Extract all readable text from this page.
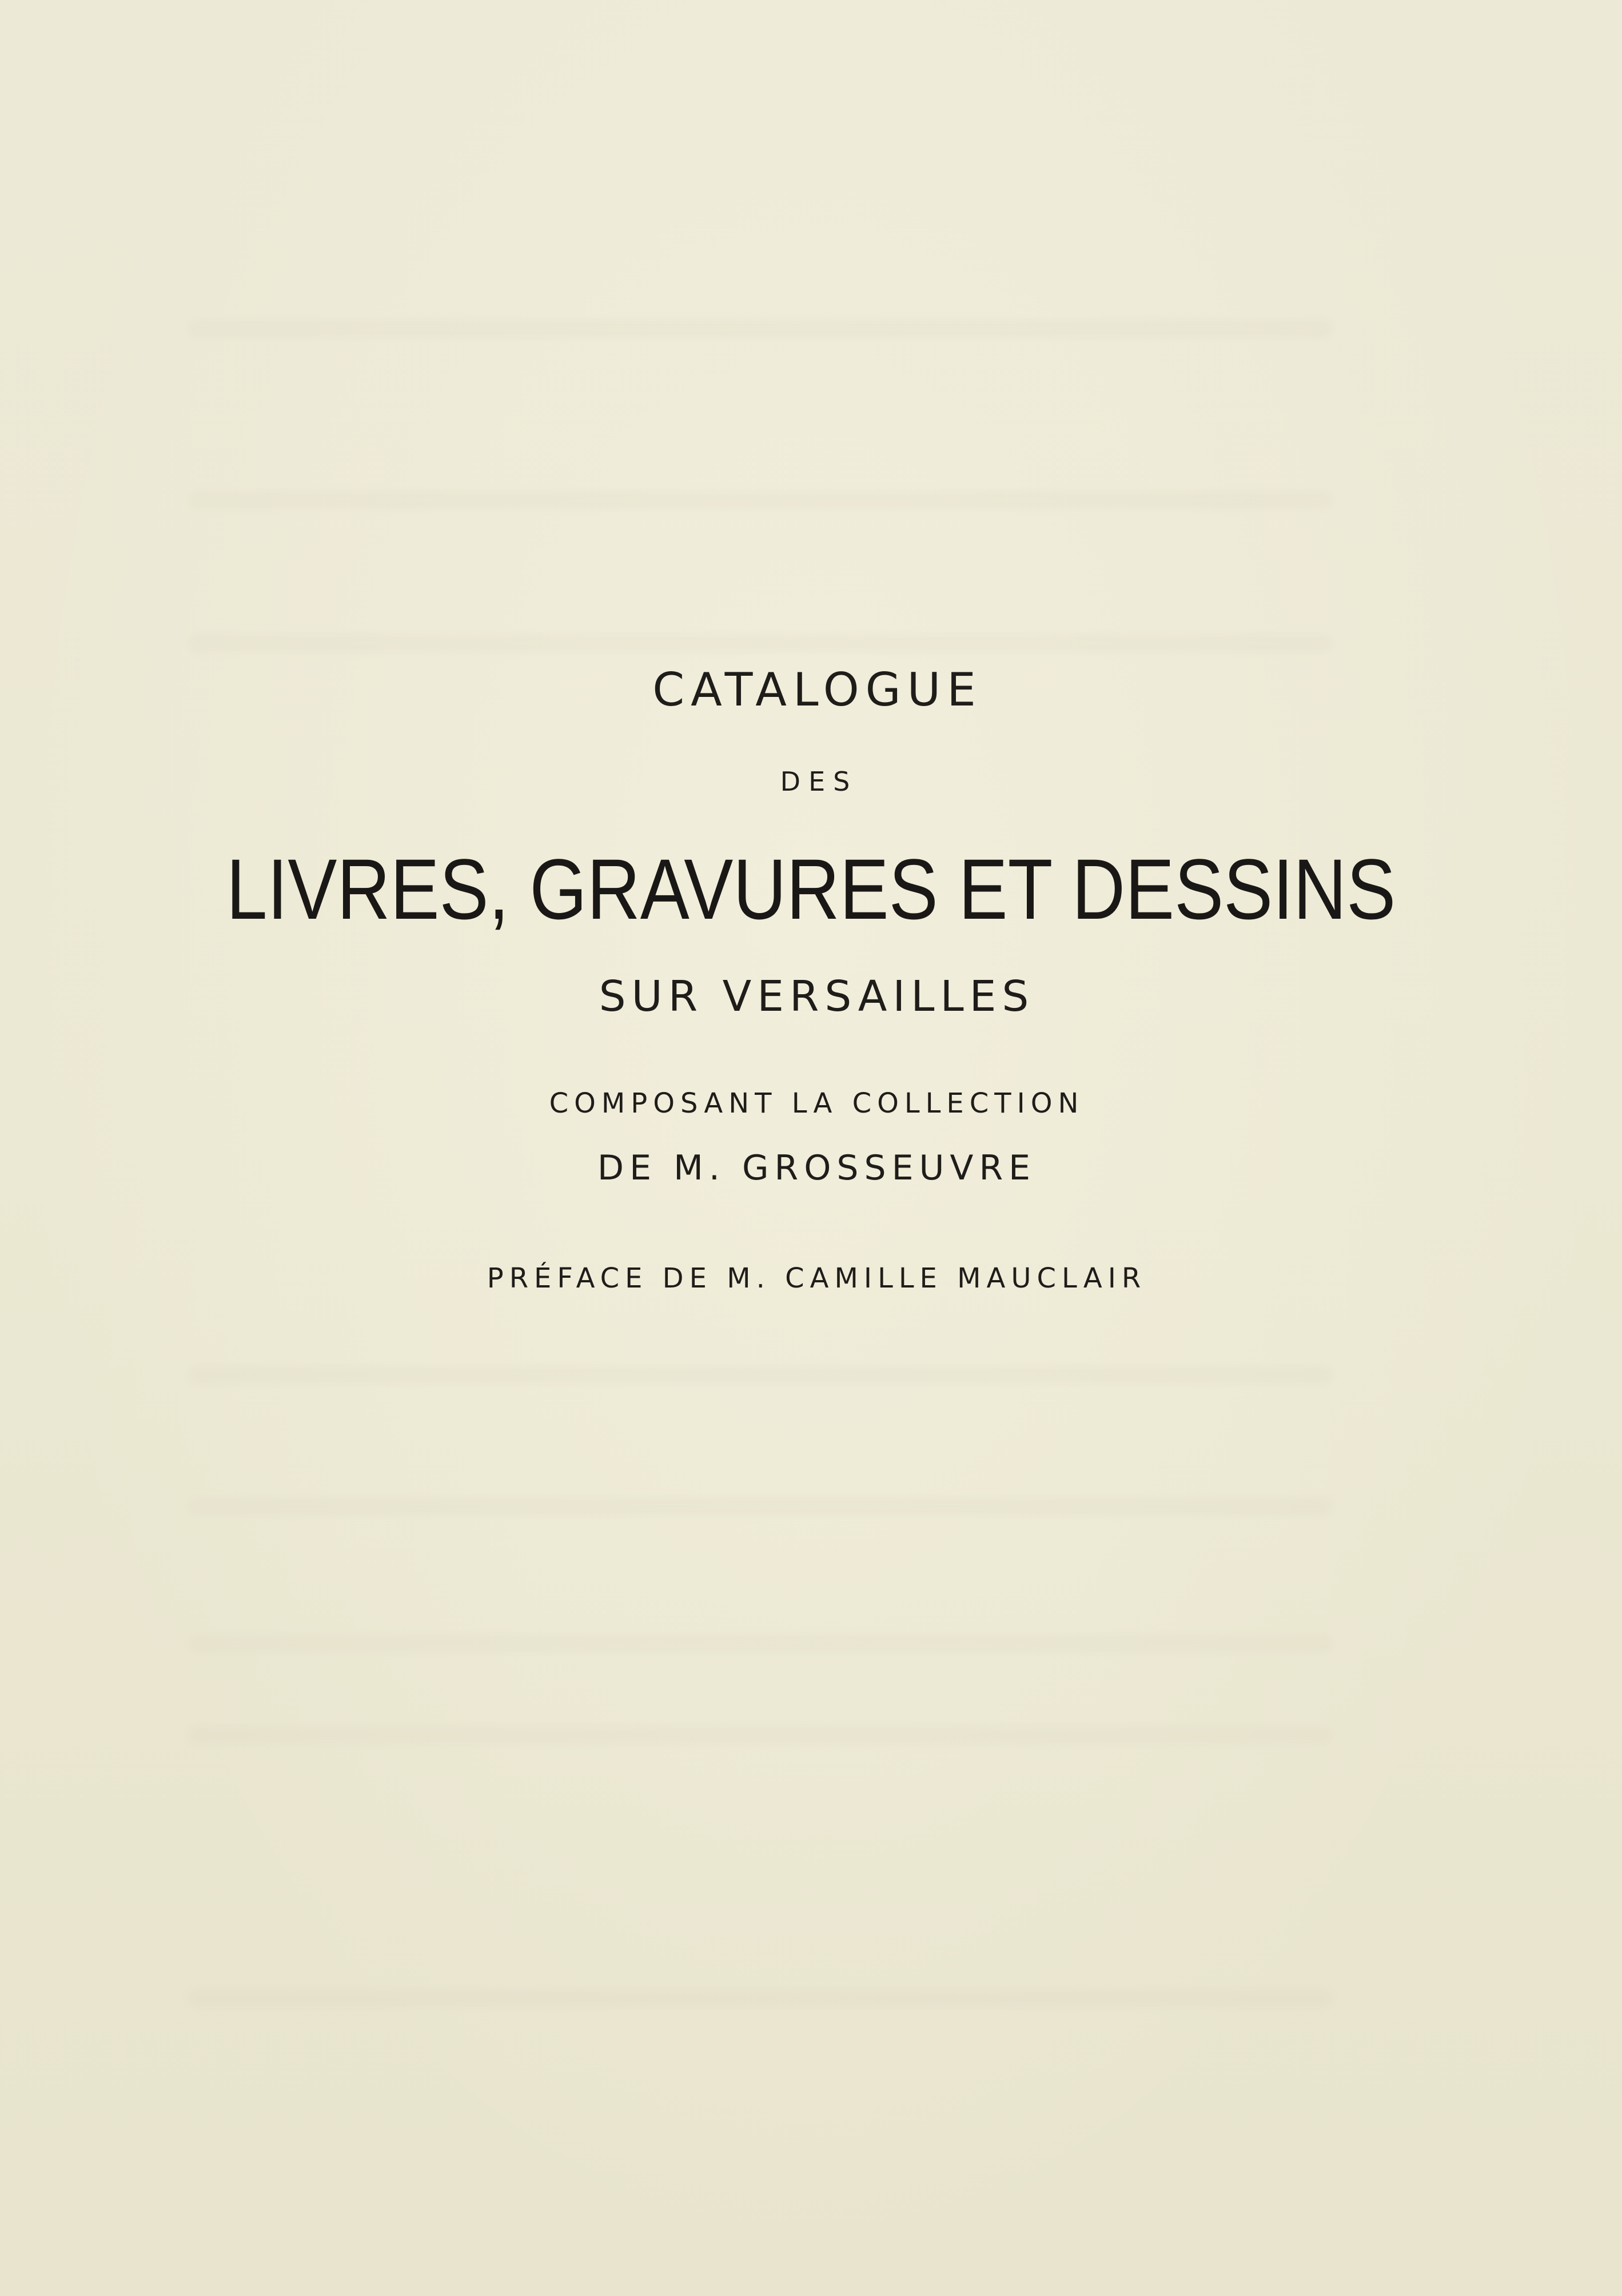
CATALOGUE
DES
LIVRES, GRAVURES ET DESSINS
SUR VERSAILLES
COMPOSANT LA COLLECTION
DE M. GROSSEUVRE
PRÉFACE DE M. CAMILLE MAUCLAIR
